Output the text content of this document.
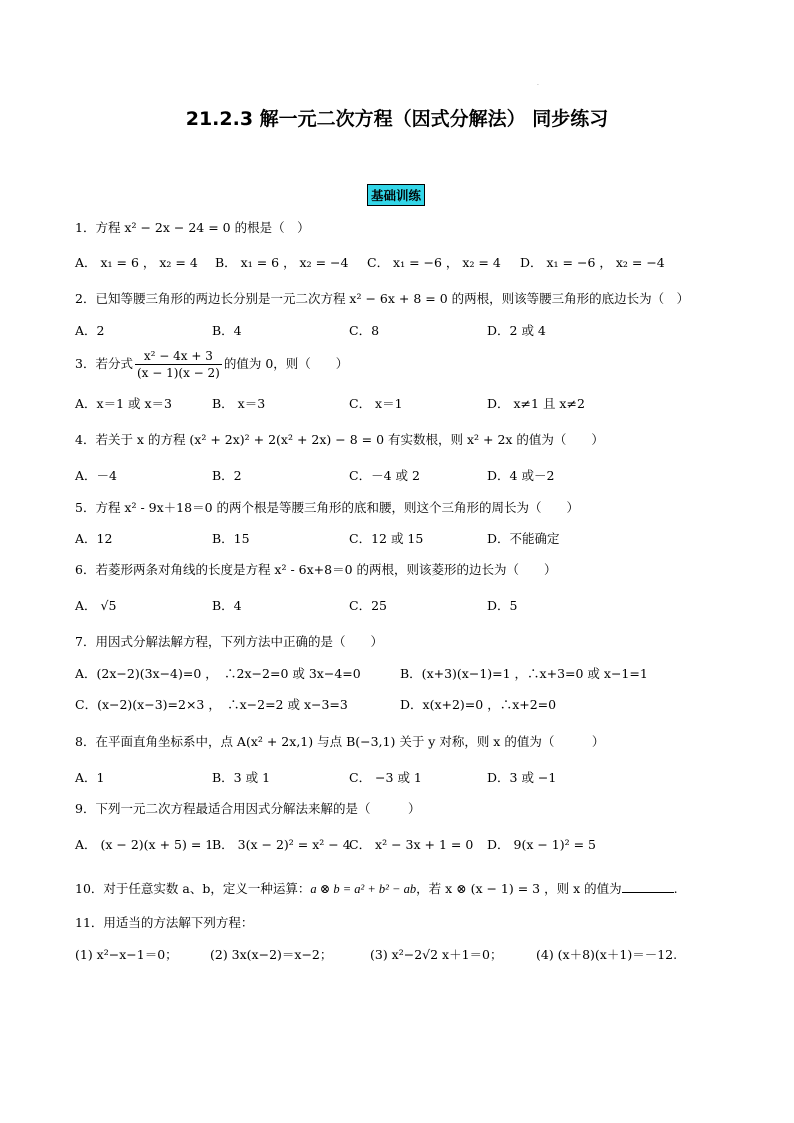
·
21.2.3 解一元二次方程（因式分解法） 同步练习
基础训练
1．方程 x² − 2x − 24 = 0 的根是（　）
A． x₁ = 6 ， x₂ = 4 B． x₁ = 6 ， x₂ = −4 C． x₁ = −6 ， x₂ = 4 D． x₁ = −6 ， x₂ = −4
2．已知等腰三角形的两边长分别是一元二次方程 x² − 6x + 8 = 0 的两根，则该等腰三角形的底边长为（　）
A．2	B．4	C．8	D．2 或 4
3．若分式 $\frac{\text{x² − 4x + 3}}{(x - 1)(x - 2)}$ 的值为 0，则（　　）
A．x＝1 或 x＝3	B． x＝3	C． x＝1	D． x≠1 且 x≠2
4．若关于 x 的方程 (x² + 2x)² + 2(x² + 2x) − 8 = 0 有实数根，则 x² + 2x 的值为（　　）
A．－4	B．2	C．－4 或 2	D．4 或－2
5．方程 x² - 9x＋18＝0 的两个根是等腰三角形的底和腰，则这个三角形的周长为（　　）
A．12	B．15	C．12 或 15	D．不能确定
6．若菱形两条对角线的长度是方程 x² - 6x+8＝0 的两根，则该菱形的边长为（　　）
A． √5	B．4	C．25	D．5
7．用因式分解法解方程，下列方法中正确的是（　　）
A．(2x−2)(3x−4)=0 ，　∴2x−2=0 或 3x−4=0	B．(x+3)(x−1)=1 ，∴x+3=0 或 x−1=1
C．(x−2)(x−3)=2×3 ，　∴x−2=2 或 x−3=3	D．x(x+2)=0 ，∴x+2=0
8．在平面直角坐标系中，点 A(x² + 2x,1) 与点 B(−3,1) 关于 y 对称，则 x 的值为（　　　）
A．1	B．3 或 1	C． −3 或 1	D．3 或 −1
9．下列一元二次方程最适合用因式分解法来解的是（　　　）
A． (x − 2)(x + 5) = 1
B． 3(x − 2)² = x² − 4
C． x² − 3x + 1 = 0 D． 9(x − 1)² = 5
10．对于任意实数 a、b，定义一种运算：a ⊗ b = a² + b² − ab，若 x ⊗ (x − 1) = 3 ，则 x 的值为	.
11．用适当的方法解下列方程：
(1) x²−x−1＝0；	(2) 3x(x−2)＝x−2；	(3) x²−2√2 x＋1＝0；	(4) (x＋8)(x＋1)＝－12.
